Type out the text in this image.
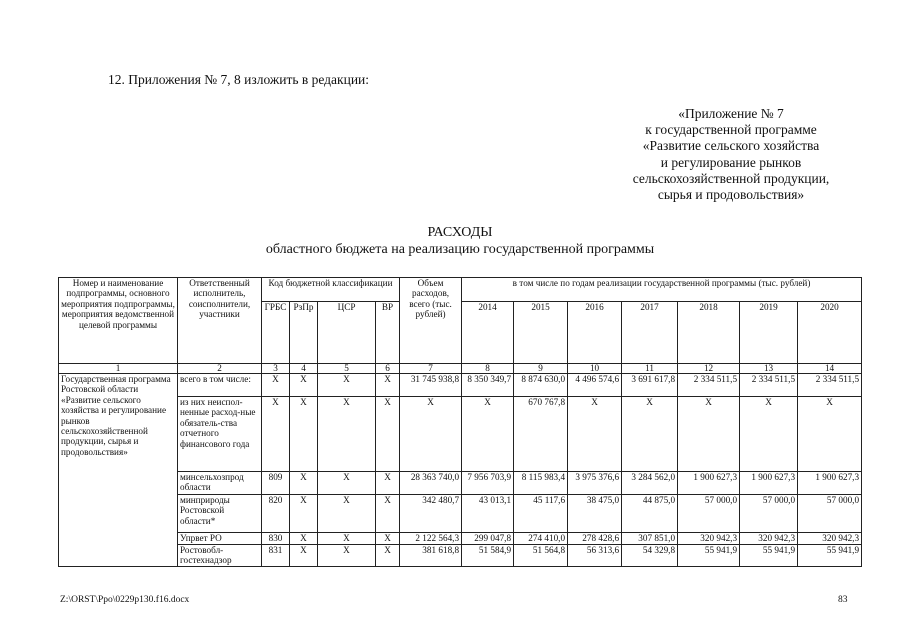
12. Приложения № 7, 8 изложить в редакции:
«Приложение № 7
к государственной программе
«Развитие сельского хозяйства
и регулирование рынков
сельскохозяйственной продукции,
сырья и продовольствия»
РАСХОДЫ
областного бюджета на реализацию государственной программы
Номер и наименование подпрограммы, основного мероприятия подпрограммы, мероприятия ведомственной целевой программы	Ответственный исполнитель, соисполнители, участники	Код бюджетной классификации				Объем расходов, всего (тыс. рублей)	в том числе по годам реализации государственной программы (тыс. рублей)						
		ГРБС	РзПр	ЦСР	ВР		2014	2015	2016	2017	2018	2019	2020
1	2	3	4	5	6	7	8	9	10	11	12	13	14
Государственная программа Ростовской области «Развитие сельского хозяйства и регулирование рынков сельскохозяйственной продукции, сырья и продовольствия»	всего в том числе:	X	X	X	X	31 745 938,8	8 350 349,7	8 874 630,0	4 496 574,6	3 691 617,8	2 334 511,5	2 334 511,5	2 334 511,5
	из них неиспол-ненные расход-ные обязатель-ства отчетного финансового года	X	X	X	X	X	X	670 767,8	X	X	X	X	X
	минсельхозпрод области	809	X	X	X	28 363 740,0	7 956 703,9	8 115 983,4	3 975 376,6	3 284 562,0	1 900 627,3	1 900 627,3	1 900 627,3
	минприроды Ростовской области*	820	X	X	X	342 480,7	43 013,1	45 117,6	38 475,0	44 875,0	57 000,0	57 000,0	57 000,0
	Упрвет РО	830	X	X	X	2 122 564,3	299 047,8	274 410,0	278 428,6	307 851,0	320 942,3	320 942,3	320 942,3
	Ростовобл-гостехнадзор	831	X	X	X	381 618,8	51 584,9	51 564,8	56 313,6	54 329,8	55 941,9	55 941,9	55 941,9
Z:\ORST\Ppo\0229p130.f16.docx	83
